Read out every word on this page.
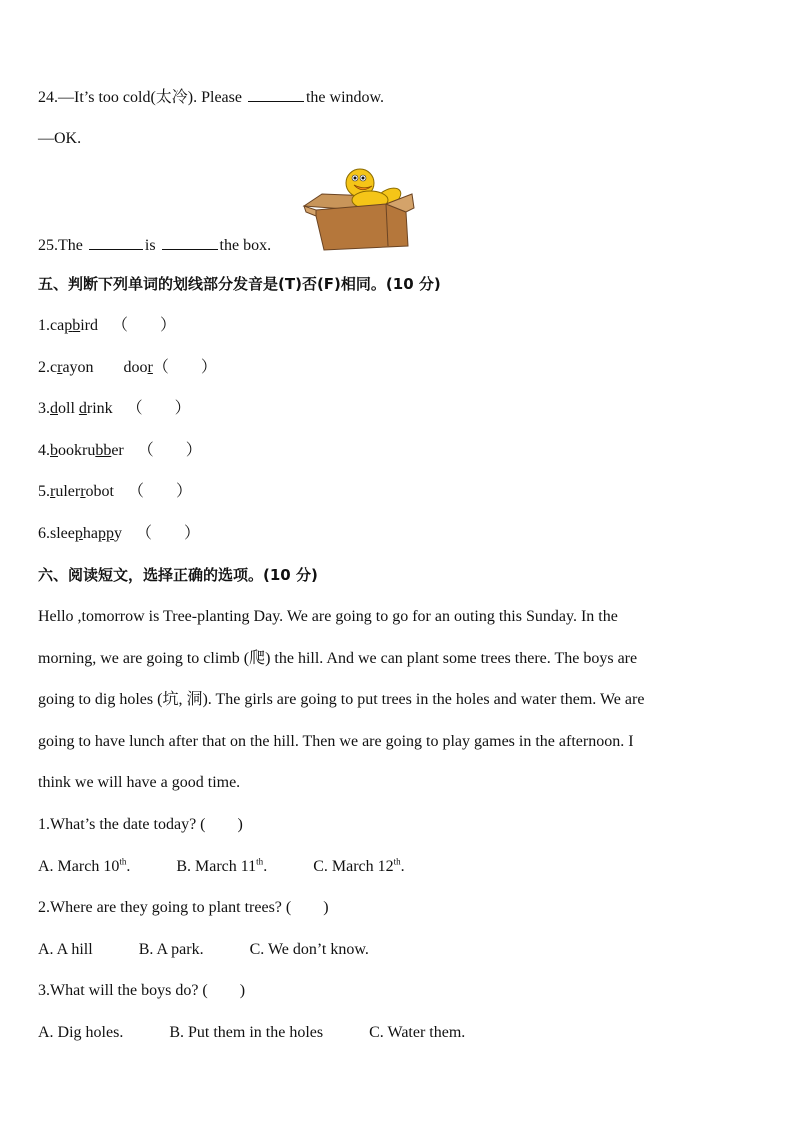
24.—It’s too cold(太冷). Please	the window.
—OK.
25.The	is	the box.
五、判断下列单词的划线部分发音是(T)否(F)相同。(10 分)
1.capbird （　　）
2.crayon door（　　）
3.doll drink （　　）
4.bookrubber （　　）
5.rulerrobot （　　）
6.sleephappy （　　）
六、阅读短文，选择正确的选项。(10 分)
Hello ,tomorrow is Tree-planting Day. We are going to go for an outing this Sunday. In the
morning, we are going to climb (爬) the hill. And we can plant some trees there. The boys are
going to dig holes (坑, 洞). The girls are going to put trees in the holes and water them. We are
going to have lunch after that on the hill. Then we are going to play games in the afternoon. I
think we will have a good time.
1.What’s the date today? (　　)
A. March 10th.	B. March 11th.	C. March 12th.
2.Where are they going to plant trees? (　　)
A. A hill	B. A park.	C. We don’t know.
3.What will the boys do? (　　)
A. Dig holes.	B. Put them in the holes	C. Water them.
